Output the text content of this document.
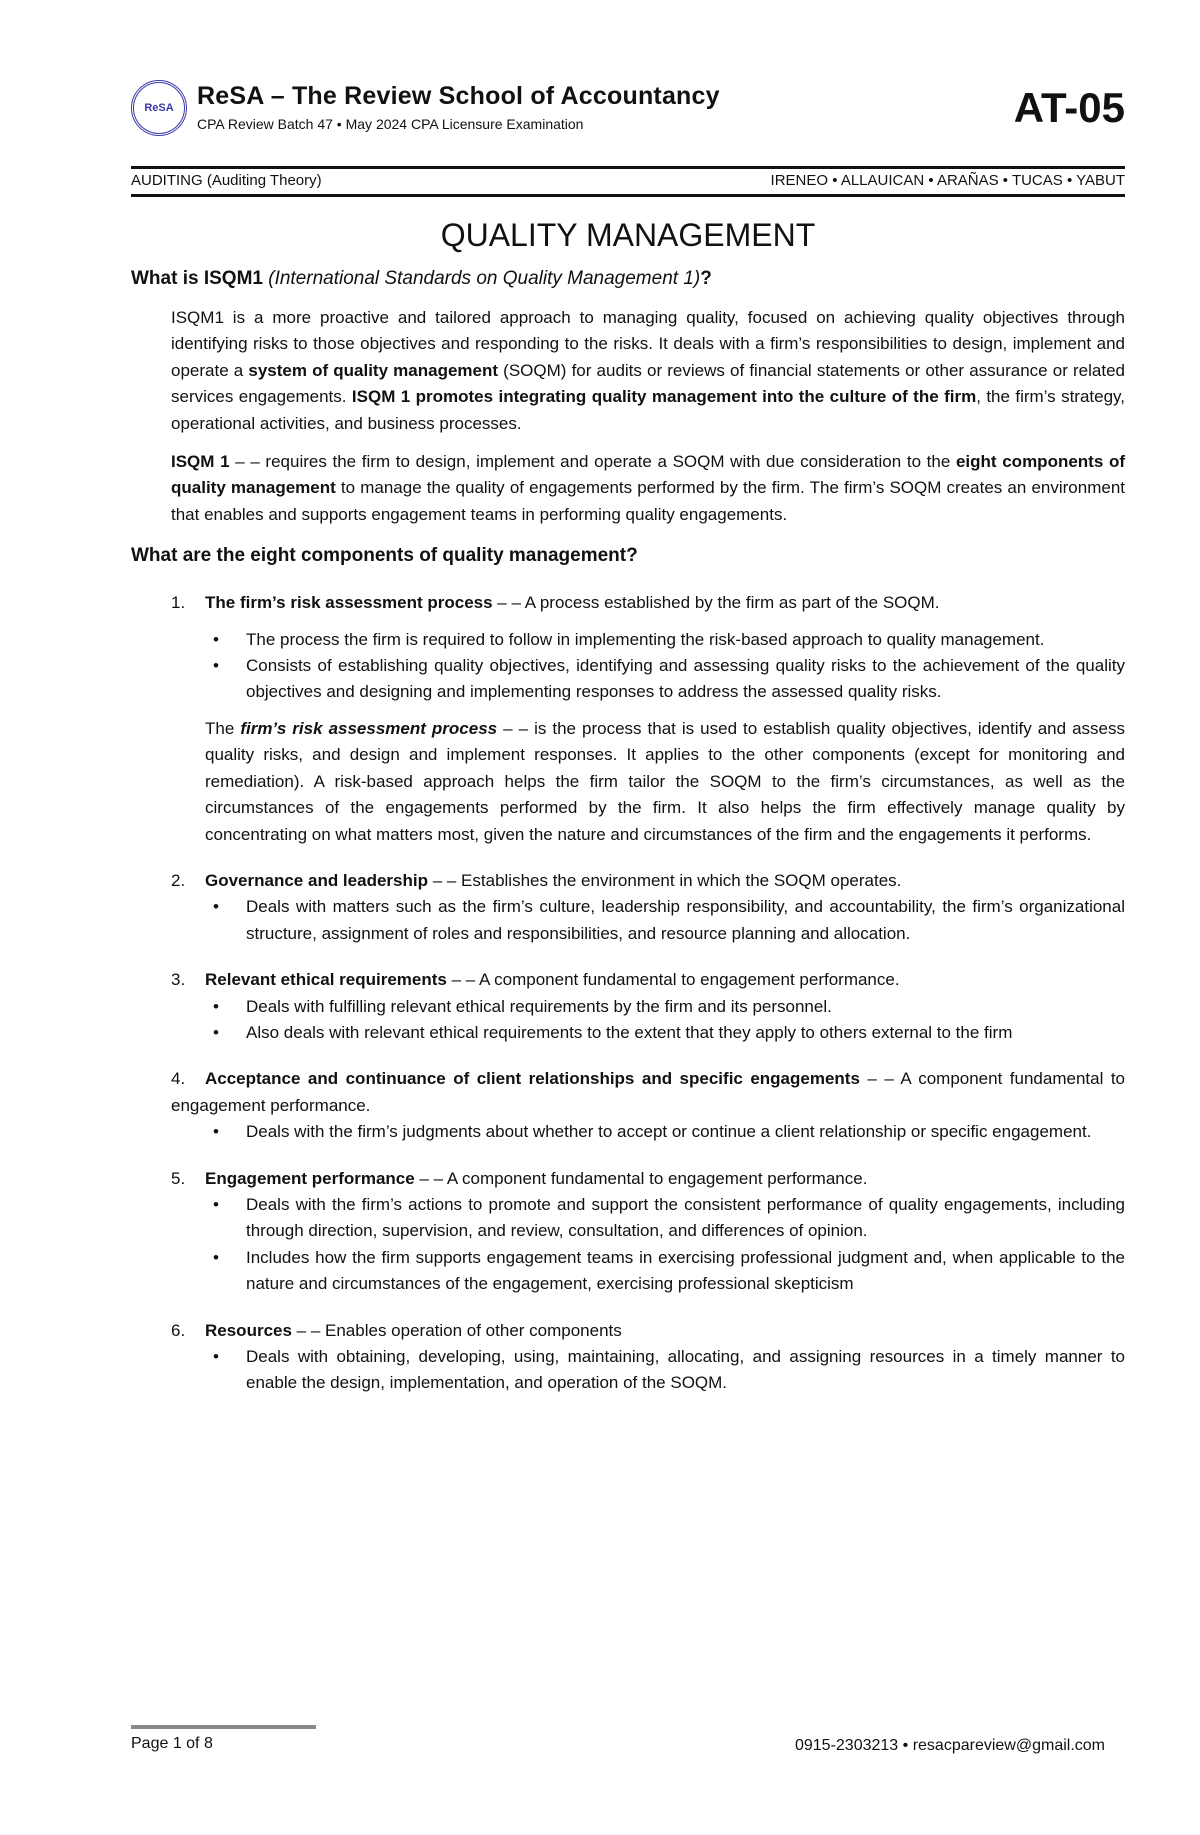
ReSA ReSA – The Review School of Accountancy
CPA Review Batch 47 • May 2024 CPA Licensure Examination	AT-05
AUDITING (Auditing Theory)	IRENEO • ALLAUICAN • ARAÑAS • TUCAS • YABUT
QUALITY MANAGEMENT
What is ISQM1 (International Standards on Quality Management 1)?

ISQM1 is a more proactive and tailored approach to managing quality, focused on achieving quality objectives through identifying risks to those objectives and responding to the risks. It deals with a firm’s responsibilities to design, implement and operate a system of quality management (SOQM) for audits or reviews of financial statements or other assurance or related services engagements. ISQM 1 promotes integrating quality management into the culture of the firm, the firm’s strategy, operational activities, and business processes.

ISQM 1 – – requires the firm to design, implement and operate a SOQM with due consideration to the eight components of quality management to manage the quality of engagements performed by the firm. The firm’s SOQM creates an environment that enables and supports engagement teams in performing quality engagements.

What are the eight components of quality management?
1. The firm’s risk assessment process – – A process established by the firm as part of the SOQM.
• The process the firm is required to follow in implementing the risk-based approach to quality management.
• Consists of establishing quality objectives, identifying and assessing quality risks to the achievement of the quality objectives and designing and implementing responses to address the assessed quality risks.

The firm’s risk assessment process – – is the process that is used to establish quality objectives, identify and assess quality risks, and design and implement responses. It applies to the other components (except for monitoring and remediation). A risk-based approach helps the firm tailor the SOQM to the firm’s circumstances, as well as the circumstances of the engagements performed by the firm. It also helps the firm effectively manage quality by concentrating on what matters most, given the nature and circumstances of the firm and the engagements it performs.

2. Governance and leadership – – Establishes the environment in which the SOQM operates.
• Deals with matters such as the firm’s culture, leadership responsibility, and accountability, the firm’s organizational structure, assignment of roles and responsibilities, and resource planning and allocation.
3. Relevant ethical requirements – – A component fundamental to engagement performance.
• Deals with fulfilling relevant ethical requirements by the firm and its personnel.
• Also deals with relevant ethical requirements to the extent that they apply to others external to the firm
4. Acceptance and continuance of client relationships and specific engagements – – A component fundamental to engagement performance.
• Deals with the firm’s judgments about whether to accept or continue a client relationship or specific engagement.
5. Engagement performance – – A component fundamental to engagement performance.
• Deals with the firm’s actions to promote and support the consistent performance of quality engagements, including through direction, supervision, and review, consultation, and differences of opinion.
• Includes how the firm supports engagement teams in exercising professional judgment and, when applicable to the nature and circumstances of the engagement, exercising professional skepticism
6. Resources – – Enables operation of other components
• Deals with obtaining, developing, using, maintaining, allocating, and assigning resources in a timely manner to enable the design, implementation, and operation of the SOQM.
Page 1 of 8	0915-2303213 • resacpareview@gmail.com
